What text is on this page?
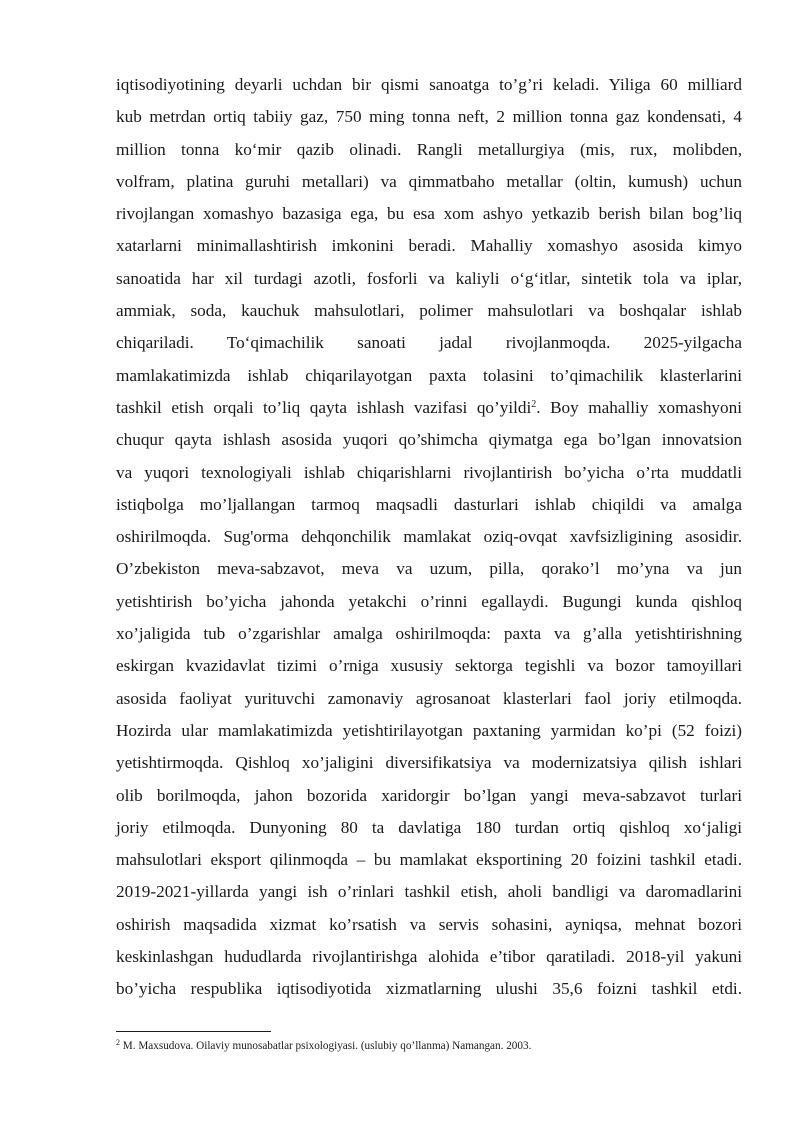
iqtisodiyotining deyarli uchdan bir qismi sanoatga to’g’ri keladi. Yiliga 60 milliard
kub metrdan ortiq tabiiy gaz, 750 ming tonna neft, 2 million tonna gaz kondensati, 4
million tonna ko‘mir qazib olinadi. Rangli metallurgiya (mis, rux, molibden,
volfram, platina guruhi metallari) va qimmatbaho metallar (oltin, kumush) uchun
rivojlangan xomashyo bazasiga ega, bu esa xom ashyo yetkazib berish bilan bog’liq
xatarlarni minimallashtirish imkonini beradi. Mahalliy xomashyo asosida kimyo
sanoatida har xil turdagi azotli, fosforli va kaliyli o‘g‘itlar, sintetik tola va iplar,
ammiak, soda, kauchuk mahsulotlari, polimer mahsulotlari va boshqalar ishlab
chiqariladi. To‘qimachilik sanoati jadal rivojlanmoqda. 2025-yilgacha
mamlakatimizda ishlab chiqarilayotgan paxta tolasini to’qimachilik klasterlarini
tashkil etish orqali to’liq qayta ishlash vazifasi qo’yildi$^2$. Boy mahalliy xomashyoni
chuqur qayta ishlash asosida yuqori qo’shimcha qiymatga ega bo’lgan innovatsion
va yuqori texnologiyali ishlab chiqarishlarni rivojlantirish bo’yicha o’rta muddatli
istiqbolga mo’ljallangan tarmoq maqsadli dasturlari ishlab chiqildi va amalga
oshirilmoqda. Sug'orma dehqonchilik mamlakat oziq-ovqat xavfsizligining asosidir.
O’zbekiston meva-sabzavot, meva va uzum, pilla, qorako’l mo’yna va jun
yetishtirish bo’yicha jahonda yetakchi o’rinni egallaydi. Bugungi kunda qishloq
xo’jaligida tub o’zgarishlar amalga oshirilmoqda: paxta va g’alla yetishtirishning
eskirgan kvazidavlat tizimi o’rniga xususiy sektorga tegishli va bozor tamoyillari
asosida faoliyat yurituvchi zamonaviy agrosanoat klasterlari faol joriy etilmoqda.
Hozirda ular mamlakatimizda yetishtirilayotgan paxtaning yarmidan ko’pi (52 foizi)
yetishtirmoqda. Qishloq xo’jaligini diversifikatsiya va modernizatsiya qilish ishlari
olib borilmoqda, jahon bozorida xaridorgir bo’lgan yangi meva-sabzavot turlari
joriy etilmoqda. Dunyoning 80 ta davlatiga 180 turdan ortiq qishloq xo‘jaligi
mahsulotlari eksport qilinmoqda – bu mamlakat eksportining 20 foizini tashkil etadi.
2019-2021-yillarda yangi ish o’rinlari tashkil etish, aholi bandligi va daromadlarini
oshirish maqsadida xizmat ko’rsatish va servis sohasini, ayniqsa, mehnat bozori
keskinlashgan hududlarda rivojlantirishga alohida e’tibor qaratiladi. 2018-yil yakuni
bo’yicha respublika iqtisodiyotida xizmatlarning ulushi 35,6 foizni tashkil etdi.
$^2$ M. Maxsudova. Oilaviy munosabatlar psixologiyasi. (uslubiy qo’llanma) Namangan. 2003.
